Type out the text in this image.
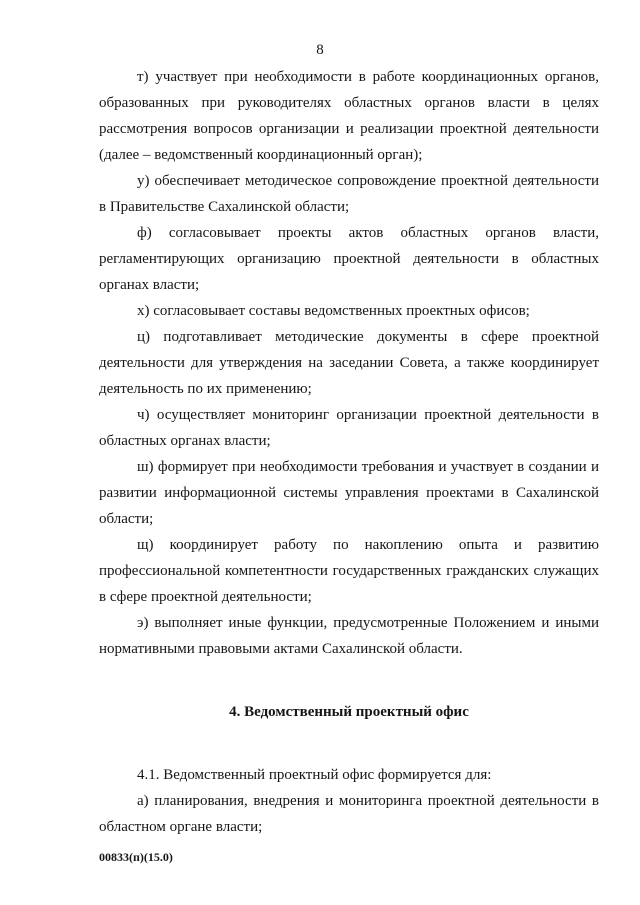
8

т) участвует при необходимости в работе координационных органов, образованных при руководителях областных органов власти в целях рассмотрения вопросов организации и реализации проектной деятельности (далее – ведомственный координационный орган);

у) обеспечивает методическое сопровождение проектной деятельности в Правительстве Сахалинской области;

ф) согласовывает проекты актов областных органов власти, регламентирующих организацию проектной деятельности в областных органах власти;

х) согласовывает составы ведомственных проектных офисов;

ц) подготавливает методические документы в сфере проектной деятельности для утверждения на заседании Совета, а также координирует деятельность по их применению;

ч) осуществляет мониторинг организации проектной деятельности в областных органах власти;

ш) формирует при необходимости требования и участвует в создании и развитии информационной системы управления проектами в Сахалинской области;

щ) координирует работу по накоплению опыта и развитию профессиональной компетентности государственных гражданских служащих в сфере проектной деятельности;

э) выполняет иные функции, предусмотренные Положением и иными нормативными правовыми актами Сахалинской области.

4. Ведомственный проектный офис

4.1. Ведомственный проектный офис формируется для:

а) планирования, внедрения и мониторинга проектной деятельности в областном органе власти;

00833(п)(15.0)
